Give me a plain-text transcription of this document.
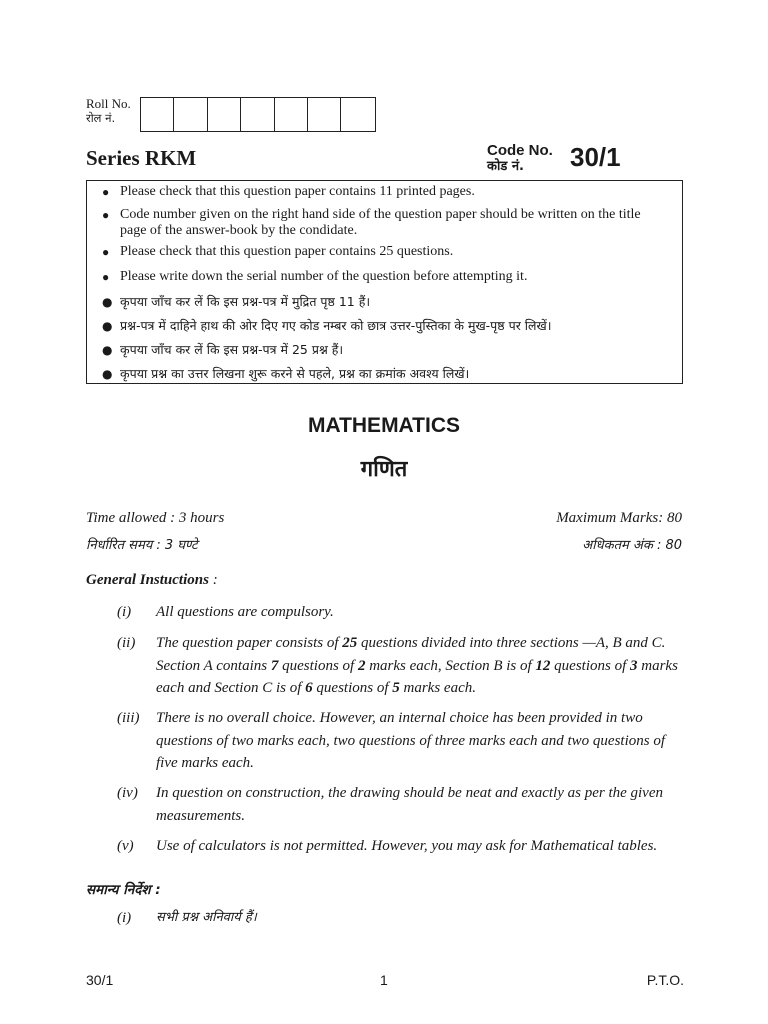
Roll No.
रोल नं.
Series RKM	Code No.
कोड नं.	30/1
● Please check that this question paper contains 11 printed pages.
● Code number given on the right hand side of the question paper should be written on the title page of the answer-book by the condidate.
● Please check that this question paper contains 25 questions.
● Please write down the serial number of the question before attempting it.
● कृपया जाँच कर लें कि इस प्रश्न-पत्र में मुद्रित पृष्ठ 11 हैं।
● प्रश्न-पत्र में दाहिने हाथ की ओर दिए गए कोड नम्बर को छात्र उत्तर-पुस्तिका के मुख-पृष्ठ पर लिखें।
● कृपया जाँच कर लें कि इस प्रश्न-पत्र में 25 प्रश्न हैं।
● कृपया प्रश्न का उत्तर लिखना शुरू करने से पहले, प्रश्न का क्रमांक अवश्य लिखें।
MATHEMATICS
गणित
Time allowed : 3 hours
निर्धारित समय : 3 घण्टे
Maximum Marks: 80
अधिकतम अंक : 80
General Instuctions :
(i) All questions are compulsory.
(ii) The question paper consists of 25 questions divided into three sections —A, B and C. Section A contains 7 questions of 2 marks each, Section B is of 12 questions of 3 marks each and Section C is of 6 questions of 5 marks each.
(iii) There is no overall choice. However, an internal choice has been provided in two questions of two marks each, two questions of three marks each and two questions of five marks each.
(iv) In question on construction, the drawing should be neat and exactly as per the given measurements.
(v) Use of calculators is not permitted. However, you may ask for Mathematical tables.
समान्य निर्देश :
(i) सभी प्रश्न अनिवार्य हैं।
30/1	1	P.T.O.
